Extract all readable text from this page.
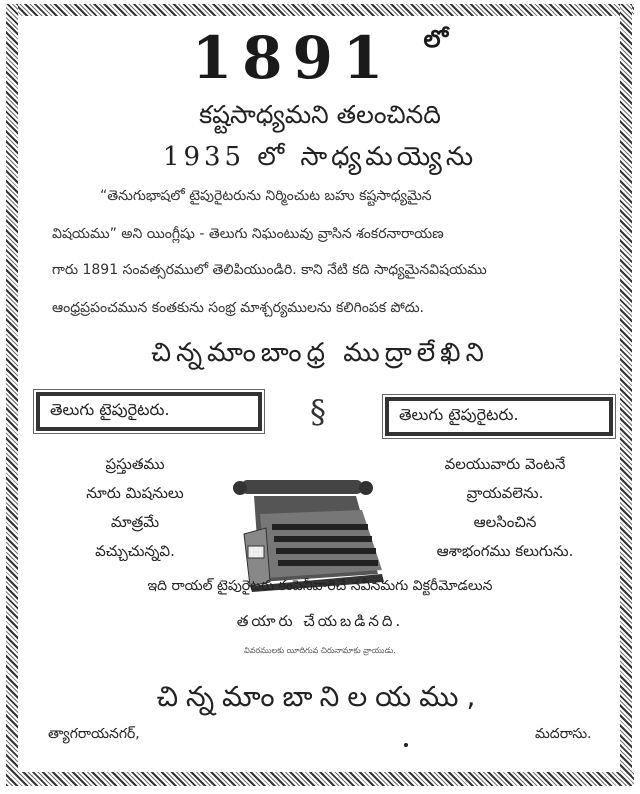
1891 $^{లో}$
కష్టసాధ్యమని తలంచినది
1935 లో సాధ్యమయ్యెను
“తెనుగుభాషలో టైపురైటరును నిర్మించుట బహు కష్టసాధ్యమైన
విషయము” అని యింగ్లీషు - తెలుగు నిఘంటువు వ్రాసిన శంకరనారాయణ
గారు 1891 సంవత్సరములో తెలిపియుండిరి. కాని నేటి కది సాధ్యమైనవిషయము
ఆంధ్రప్రపంచమున కంతకును సంభ్ర మాశ్చర్యములను కలిగింపక పోదు.
చిన్నమాంబాంధ్ర ముద్రాలేఖిని
తెలుగు టైపురైటరు.	§	తెలుగు టైపురైటరు.
ప్రస్తుతము
నూరు మిషనులు
మాత్రమే
వచ్చుచున్నవి.
వలయువారు వెంటనే
వ్రాయవలెను.
ఆలసించిన
ఆశాభంగము కలుగును.
ఇది రాయల్ టైపురైటరు కంపెనీవారిచే నవీనమగు విక్టరీమోడలున
తయారు చేయబడినది.
వివరములకు యీదిగువ చిరునామాకు వ్రాయుడు.
చిన్నమాంబానిలయము,
త్యాగరాయనగర్,	మదరాసు.
